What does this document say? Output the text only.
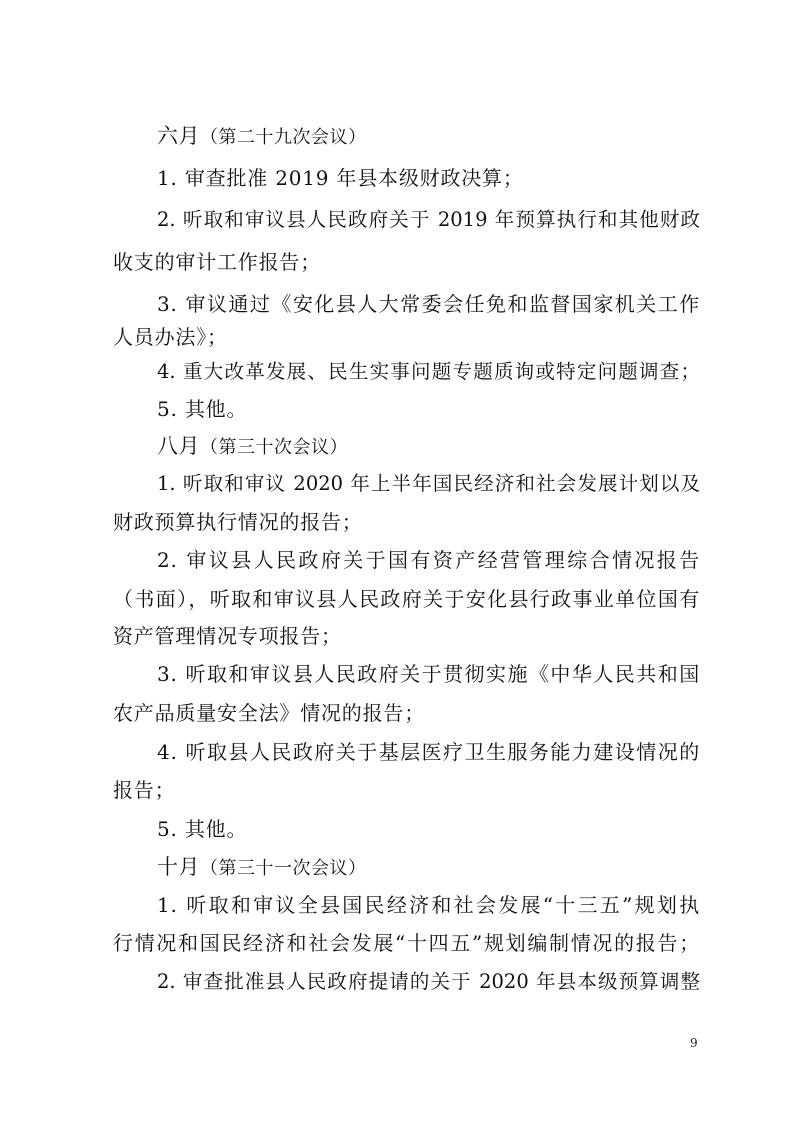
六月（第二十九次会议）
1. 审查批准 2019 年县本级财政决算；
2. 听取和审议县人民政府关于 2019 年预算执行和其他财政
收支的审计工作报告；
3. 审议通过《安化县人大常委会任免和监督国家机关工作
人员办法》；
4. 重大改革发展、民生实事问题专题质询或特定问题调查；
5. 其他。
八月（第三十次会议）
1. 听取和审议 2020 年上半年国民经济和社会发展计划以及
财政预算执行情况的报告；
2. 审议县人民政府关于国有资产经营管理综合情况报告
（书面），听取和审议县人民政府关于安化县行政事业单位国有
资产管理情况专项报告；
3. 听取和审议县人民政府关于贯彻实施《中华人民共和国
农产品质量安全法》情况的报告；
4. 听取县人民政府关于基层医疗卫生服务能力建设情况的
报告；
5. 其他。
十月（第三十一次会议）
1. 听取和审议全县国民经济和社会发展“十三五”规划执
行情况和国民经济和社会发展“十四五”规划编制情况的报告；
2. 审查批准县人民政府提请的关于 2020 年县本级预算调整
9
